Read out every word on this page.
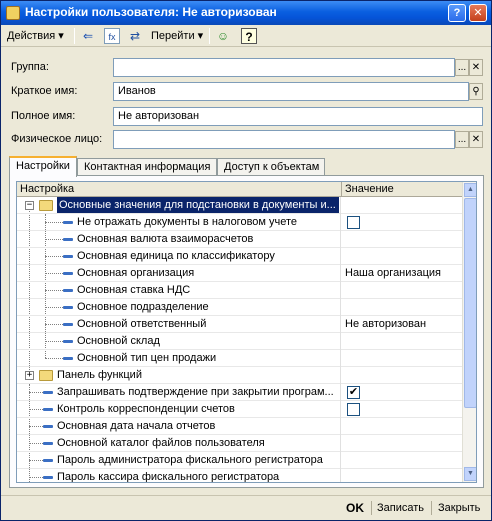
Настройки пользователя: Не авторизован	?	✕
Действия ▾ ⇐	fx	⇄ Перейти ▾ ☺	?
Группа:	... ✕
Краткое имя:	Иванов	⚲
Полное имя:	Не авторизован
Физическое лицо:	... ✕
Настройки	Контактная информация	Доступ к объектам
Настройка	Значение
− Основные значения для подстановки в документы и...
Не отражать документы в налоговом учете
Основная валюта взаиморасчетов
Основная единица по классификатору
Основная организация	Наша организация
Основная ставка НДС
Основное подразделение
Основной ответственный	Не авторизован
Основной склад
Основной тип цен продажи
+ Панель функций
Запрашивать подтверждение при закрытии програм...	✔
Контроль корреспонденции счетов
Основная дата начала отчетов
Основной каталог файлов пользователя
Пароль администратора фискального регистратора
Пароль кассира фискального регистратора
▲
▼
OK Записать Закрыть
